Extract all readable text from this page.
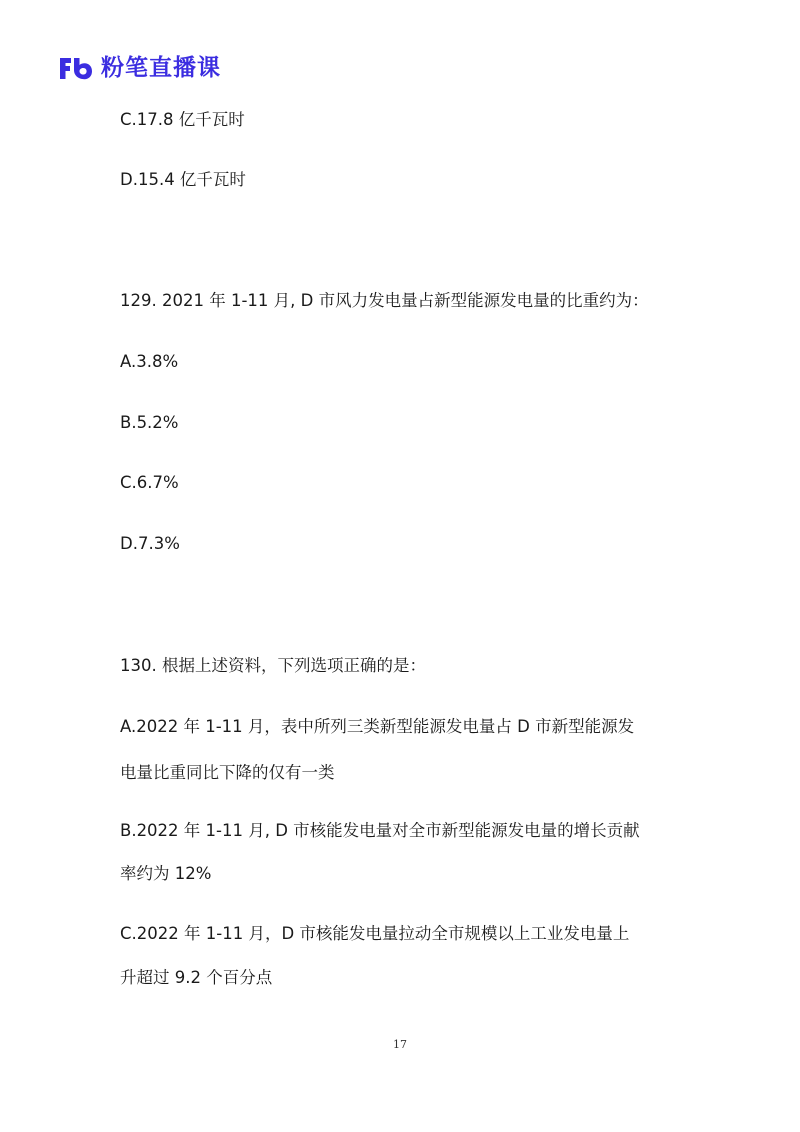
粉笔直播课
C.17.8 亿千瓦时
D.15.4 亿千瓦时
129. 2021 年 1-11 月, D 市风力发电量占新型能源发电量的比重约为：
A.3.8%
B.5.2%
C.6.7%
D.7.3%
130. 根据上述资料，下列选项正确的是：
A.2022 年 1-11 月，表中所列三类新型能源发电量占 D 市新型能源发
电量比重同比下降的仅有一类
B.2022 年 1-11 月, D 市核能发电量对全市新型能源发电量的增长贡献
率约为 12%
C.2022 年 1-11 月，D 市核能发电量拉动全市规模以上工业发电量上
升超过 9.2 个百分点
17
